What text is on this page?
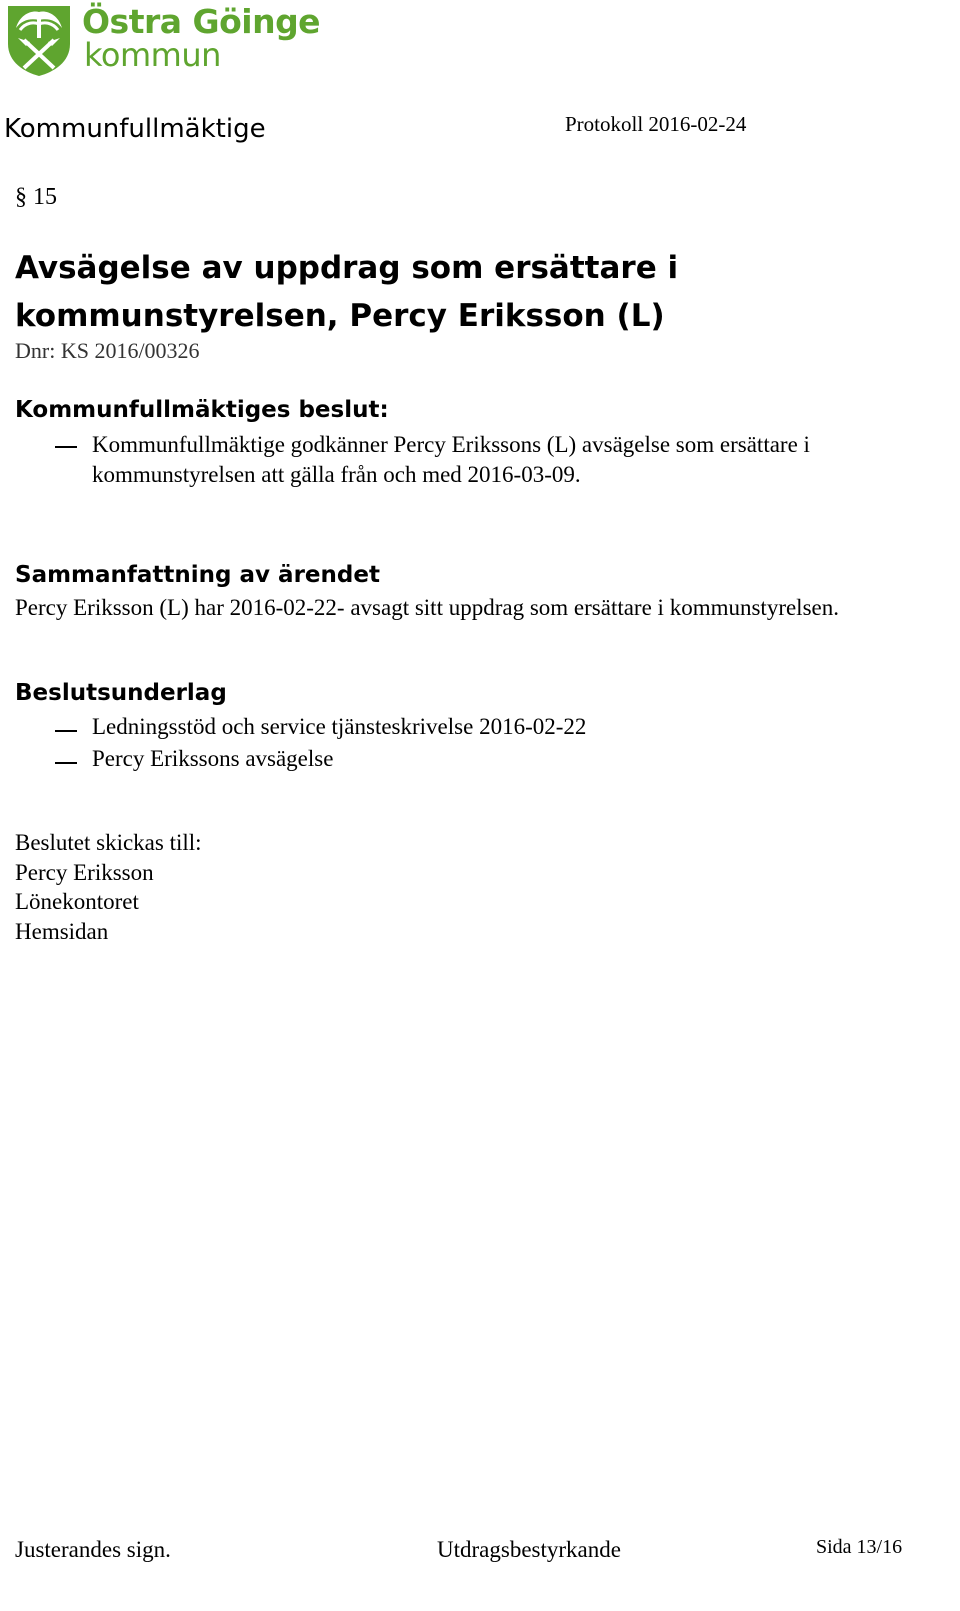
Östra Göinge
kommun
Kommunfullmäktige	Protokoll 2016-02-24
§ 15
Avsägelse av uppdrag som ersättare i kommunstyrelsen, Percy Eriksson (L)
Dnr: KS 2016/00326
Kommunfullmäktiges beslut:
Kommunfullmäktige godkänner Percy Erikssons (L) avsägelse som ersättare i kommunstyrelsen att gälla från och med 2016-03-09.
Sammanfattning av ärendet
Percy Eriksson (L) har 2016-02-22- avsagt sitt uppdrag som ersättare i kommunstyrelsen.
Beslutsunderlag
Ledningsstöd och service tjänsteskrivelse 2016-02-22
Percy Erikssons avsägelse
Beslutet skickas till:
Percy Eriksson
Lönekontoret
Hemsidan
Justerandes sign.	Utdragsbestyrkande	Sida 13/16
